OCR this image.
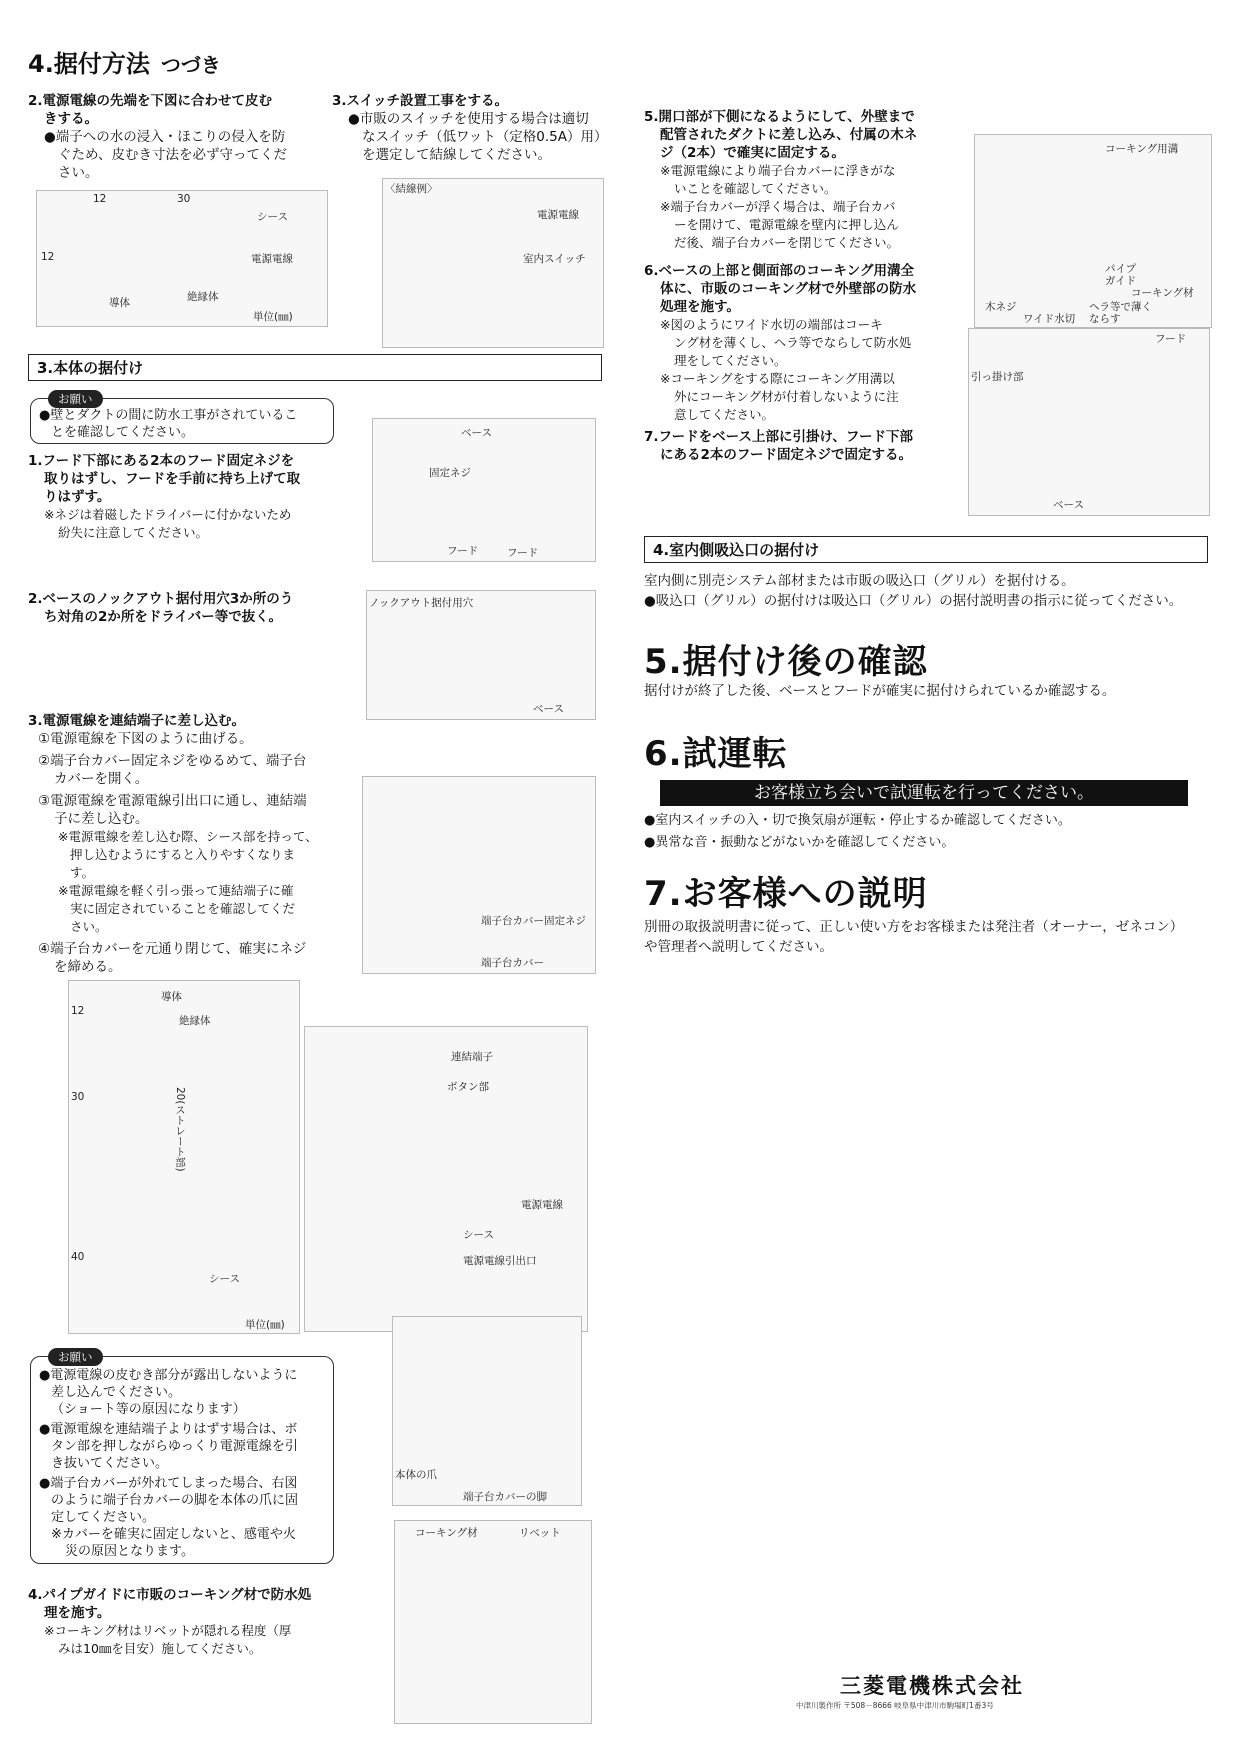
4.据付方法 つづき
2.電源電線の先端を下図に合わせて皮む
きする。
●端子への水の浸入・ほこりの侵入を防
ぐため、皮むき寸法を必ず守ってくだ
さい。
12	30
シース
12	電源電線
導体	絶縁体
単位(㎜)
3.スイッチ設置工事をする。
●市販のスイッチを使用する場合は適切
なスイッチ（低ワット（定格0.5A）用）
を選定して結線してください。
〈結線例〉
電源電線
室内スイッチ
3.本体の据付け
●壁とダクトの間に防水工事がされているこ
とを確認してください。
お願い
1.フード下部にある2本のフード固定ネジを
取りはずし、フードを手前に持ち上げて取
りはずす。
※ネジは着磁したドライバーに付かないため
紛失に注意してください。
ベース
固定ネジ
フード	フード
2.ベースのノックアウト据付用穴3か所のう
ち対角の2か所をドライバー等で抜く。
ノックアウト据付用穴
ベース
3.電源電線を連結端子に差し込む。
①電源電線を下図のように曲げる。
②端子台カバー固定ネジをゆるめて、端子台
カバーを開く。
③電源電線を電源電線引出口に通し、連結端
子に差し込む。
※電源電線を差し込む際、シース部を持って、
押し込むようにすると入りやすくなりま
す。
※電源電線を軽く引っ張って連結端子に確
実に固定されていることを確認してくだ
さい。
④端子台カバーを元通り閉じて、確実にネジ
を締める。
端子台カバー固定ネジ
端子台カバー
導体
絶縁体
12
30	20(ストレート部)
40
シース
単位(㎜)
連結端子
ボタン部
電源電線
シース
電源電線引出口
本体の爪
端子台カバーの脚
●電源電線の皮むき部分が露出しないように
差し込んでください。
（ショート等の原因になります）
●電源電線を連結端子よりはずす場合は、ボ
タン部を押しながらゆっくり電源電線を引
き抜いてください。
●端子台カバーが外れてしまった場合、右図
のように端子台カバーの脚を本体の爪に固
定してください。
※カバーを確実に固定しないと、感電や火
災の原因となります。
お願い
4.パイプガイドに市販のコーキング材で防水処
理を施す。
※コーキング材はリベットが隠れる程度（厚
みは10㎜を目安）施してください。
コーキング材	リベット
5.開口部が下側になるようにして、外壁まで
配管されたダクトに差し込み、付属の木ネ
ジ（2本）で確実に固定する。
※電源電線により端子台カバーに浮きがな
いことを確認してください。
※端子台カバーが浮く場合は、端子台カバ
ーを開けて、電源電線を壁内に押し込ん
だ後、端子台カバーを閉じてください。
6.ベースの上部と側面部のコーキング用溝全
体に、市販のコーキング材で外壁部の防水
処理を施す。
※図のようにワイド水切の端部はコーキ
ング材を薄くし、ヘラ等でならして防水処
理をしてください。
※コーキングをする際にコーキング用溝以
外にコーキング材が付着しないように注
意してください。
7.フードをベース上部に引掛け、フード下部
にある2本のフード固定ネジで固定する。
コーキング用溝
パイプ
ガイド
コーキング材
木ネジ
ワイド水切
ヘラ等で薄く
ならす
フード
引っ掛け部
ベース
4.室内側吸込口の据付け
室内側に別売システム部材または市販の吸込口（グリル）を据付ける。
●吸込口（グリル）の据付けは吸込口（グリル）の据付説明書の指示に従ってください。
5.据付け後の確認
据付けが終了した後、ベースとフードが確実に据付けられているか確認する。
6.試運転
お客様立ち会いで試運転を行ってください。
●室内スイッチの入・切で換気扇が運転・停止するか確認してください。
●異常な音・振動などがないかを確認してください。
7.お客様への説明
別冊の取扱説明書に従って、正しい使い方をお客様または発注者（オーナー，ゼネコン）
や管理者へ説明してください。
三菱電機株式会社
中津川製作所 〒508－8666 岐阜県中津川市駒場町1番3号
